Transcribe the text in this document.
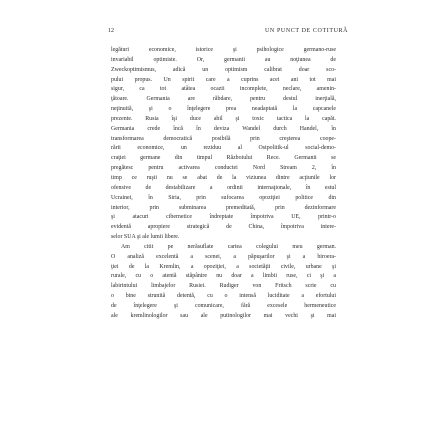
12	UN PUNCT DE COTITURĂ
legături economice, istorice şi psihologice germano-ruse
invariabil optimiste. Or, germanii au noţiunea de
Zweckoptimismus, adică un optimism calibrat doar sco-
pului propus. Un spirit care a cuprins acei ani tot mai
sigur, ca tot atâtea ocazii incomplete, neclare, amenin-
ţătoare. Germania are răbdare, pentru destul inerţială,
neţinuită, şi o înţelegere prea neadaptată la capcanele
prezente. Rusia îşi duce abil şi toxic tactica la capăt.
Germania crede încă în deviza Wandel durch Handel, în
transformarea democratică posibilă prin creşterea coope-
rării economice, un reziduu al Ostpolitik-ul social-demo-
craţiei germane din timpul Războiului Rece. Germanii se
pregătesc pentru activarea conductei Nord Stream 2, în
timp ce ruşii nu se abat de la viziunea dintre acţiunile lor
ofensive de destabilizare a ordinii internaţionale, în estul
Ucrainei, în Siria, prin sufocarea opoziţiei politice din
interior, prin subminarea premeditată, prin dezinformare
şi atacuri cibernetice îndreptate împotriva UE, printr-o
evidentă apropiere strategică de China, împotriva intere-
selor SUA şi ale lumii libere.
Am citit pe nerăsuflate cartea colegului meu german.
O analiză excelentă a scenei, a păpuşarilor şi a biroera-
ţiei de la Kremlin, a opoziţiei, a societăţii civile, urbane şi
rurale, cu o atentă stăpânire nu doar a limbii ruse, ci şi a
labirintului limbajelor Rusiei. Rudiger von Fritsch scrie cu
o bine strunită detentă, cu o intensă luciditate a efortului
de înţelegere şi comunicare, fără excesele hermeneutice
ale kremlinologilor sau ale putinologilor mai vechi şi mai
